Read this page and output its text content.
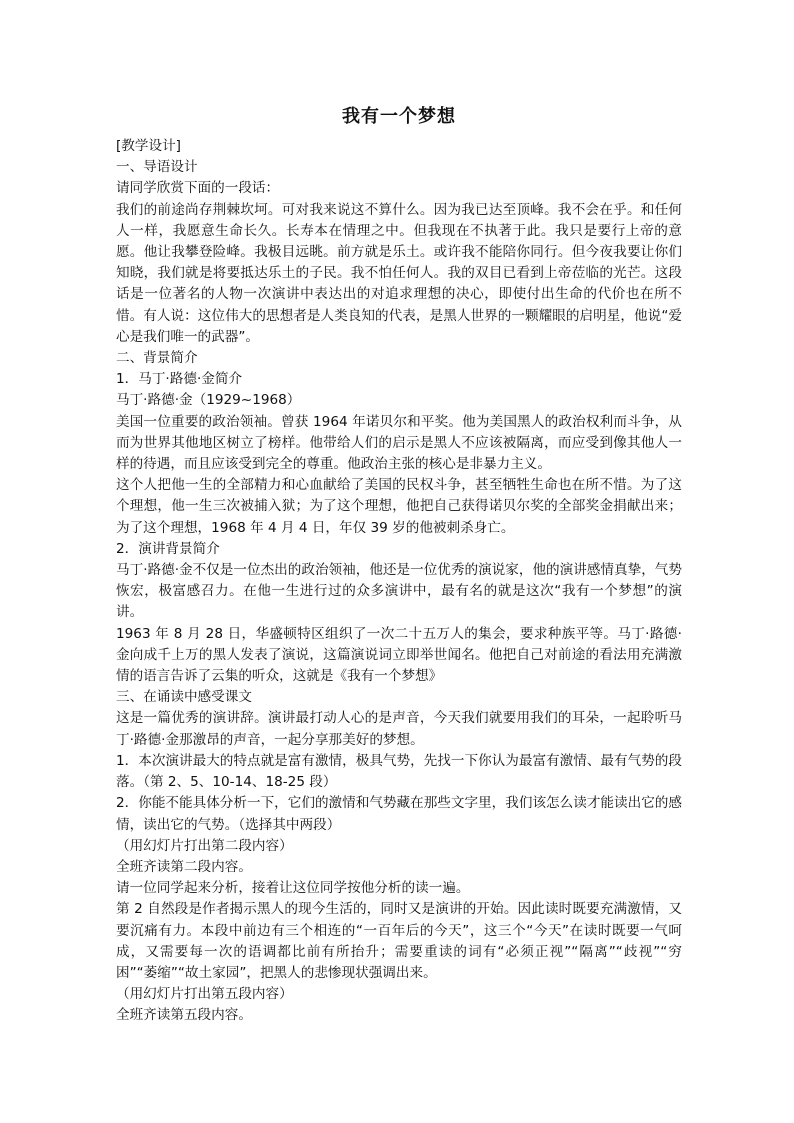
我有一个梦想

[教学设计]

一、导语设计

请同学欣赏下面的一段话：

我们的前途尚存荆棘坎坷。可对我来说这不算什么。因为我已达至顶峰。我不会在乎。和任何人一样，我愿意生命长久。长寿本在情理之中。但我现在不执著于此。我只是要行上帝的意愿。他让我攀登险峰。我极目远眺。前方就是乐土。或许我不能陪你同行。但今夜我要让你们知晓，我们就是将要抵达乐土的子民。我不怕任何人。我的双目已看到上帝莅临的光芒。这段话是一位著名的人物一次演讲中表达出的对追求理想的决心，即使付出生命的代价也在所不惜。有人说：这位伟大的思想者是人类良知的代表，是黑人世界的一颗耀眼的启明星，他说“爱心是我们唯一的武器”。

二、背景简介

1．马丁·路德·金简介

马丁·路德·金（1929~1968）

美国一位重要的政治领袖。曾获 1964 年诺贝尔和平奖。他为美国黑人的政治权利而斗争，从而为世界其他地区树立了榜样。他带给人们的启示是黑人不应该被隔离，而应受到像其他人一样的待遇，而且应该受到完全的尊重。他政治主张的核心是非暴力主义。

这个人把他一生的全部精力和心血献给了美国的民权斗争，甚至牺牲生命也在所不惜。为了这个理想，他一生三次被捕入狱；为了这个理想，他把自己获得诺贝尔奖的全部奖金捐献出来；为了这个理想，1968 年 4 月 4 日，年仅 39 岁的他被刺杀身亡。

2．演讲背景简介

马丁·路德·金不仅是一位杰出的政治领袖，他还是一位优秀的演说家，他的演讲感情真挚，气势恢宏，极富感召力。在他一生进行过的众多演讲中，最有名的就是这次“我有一个梦想”的演讲。

1963 年 8 月 28 日，华盛顿特区组织了一次二十五万人的集会，要求种族平等。马丁·路德·金向成千上万的黑人发表了演说，这篇演说词立即举世闻名。他把自己对前途的看法用充满激情的语言告诉了云集的听众，这就是《我有一个梦想》

三、在诵读中感受课文

这是一篇优秀的演讲辞。演讲最打动人心的是声音，今天我们就要用我们的耳朵，一起聆听马丁·路德·金那激昂的声音，一起分享那美好的梦想。

1．本次演讲最大的特点就是富有激情，极具气势，先找一下你认为最富有激情、最有气势的段落。（第 2、5、10-14、18-25 段）

2．你能不能具体分析一下，它们的激情和气势藏在那些文字里，我们该怎么读才能读出它的感情，读出它的气势。（选择其中两段）

（用幻灯片打出第二段内容）

全班齐读第二段内容。

请一位同学起来分析，接着让这位同学按他分析的读一遍。

第 2 自然段是作者揭示黑人的现今生活的，同时又是演讲的开始。因此读时既要充满激情，又要沉痛有力。本段中前边有三个相连的“一百年后的今天”，这三个“今天”在读时既要一气呵成，又需要每一次的语调都比前有所抬升；需要重读的词有“必须正视”“隔离”“歧视”“穷困”“萎缩”“故土家园”，把黑人的悲惨现状强调出来。

（用幻灯片打出第五段内容）

全班齐读第五段内容。
